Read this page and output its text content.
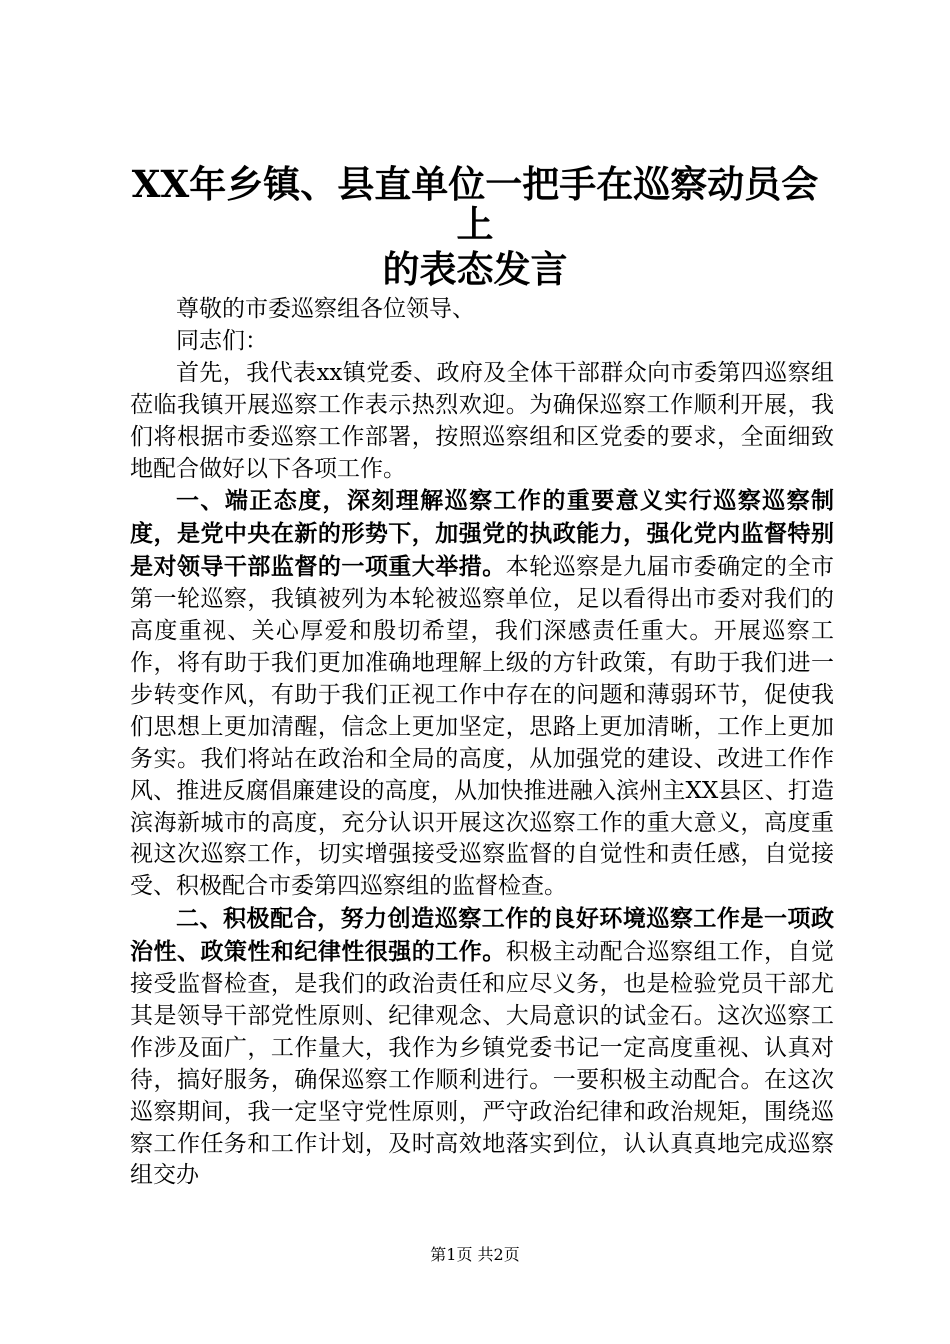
XX年乡镇、县直单位一把手在巡察动员会上
的表态发言

尊敬的市委巡察组各位领导、

同志们：

首先，我代表xx镇党委、政府及全体干部群众向市委第四巡察组莅临我镇开展巡察工作表示热烈欢迎。为确保巡察工作顺利开展，我们将根据市委巡察工作部署，按照巡察组和区党委的要求，全面细致地配合做好以下各项工作。

一、端正态度，深刻理解巡察工作的重要意义实行巡察巡察制度，是党中央在新的形势下，加强党的执政能力，强化党内监督特别是对领导干部监督的一项重大举措。本轮巡察是九届市委确定的全市第一轮巡察，我镇被列为本轮被巡察单位，足以看得出市委对我们的高度重视、关心厚爱和殷切希望，我们深感责任重大。开展巡察工作，将有助于我们更加准确地理解上级的方针政策，有助于我们进一步转变作风，有助于我们正视工作中存在的问题和薄弱环节，促使我们思想上更加清醒，信念上更加坚定，思路上更加清晰，工作上更加务实。我们将站在政治和全局的高度，从加强党的建设、改进工作作风、推进反腐倡廉建设的高度，从加快推进融入滨州主XX县区、打造滨海新城市的高度，充分认识开展这次巡察工作的重大意义，高度重视这次巡察工作，切实增强接受巡察监督的自觉性和责任感，自觉接受、积极配合市委第四巡察组的监督检查。

二、积极配合，努力创造巡察工作的良好环境巡察工作是一项政治性、政策性和纪律性很强的工作。积极主动配合巡察组工作，自觉接受监督检查，是我们的政治责任和应尽义务，也是检验党员干部尤其是领导干部党性原则、纪律观念、大局意识的试金石。这次巡察工作涉及面广，工作量大，我作为乡镇党委书记一定高度重视、认真对待，搞好服务，确保巡察工作顺利进行。一要积极主动配合。在这次巡察期间，我一定坚守党性原则，严守政治纪律和政治规矩，围绕巡察工作任务和工作计划，及时高效地落实到位，认认真真地完成巡察组交办

第1页 共2页
